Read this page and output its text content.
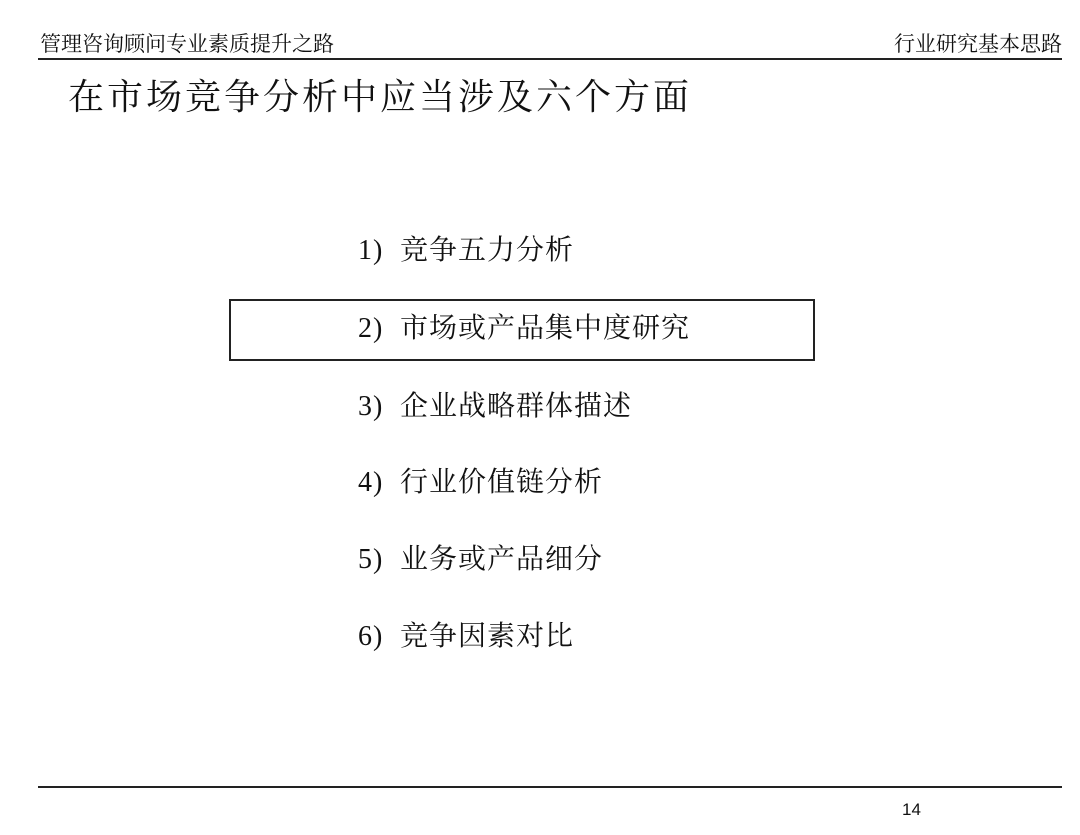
管理咨询顾问专业素质提升之路	行业研究基本思路
在市场竞争分析中应当涉及六个方面
1) 竞争五力分析
2) 市场或产品集中度研究
3) 企业战略群体描述
4) 行业价值链分析
5) 业务或产品细分
6) 竞争因素对比
14
